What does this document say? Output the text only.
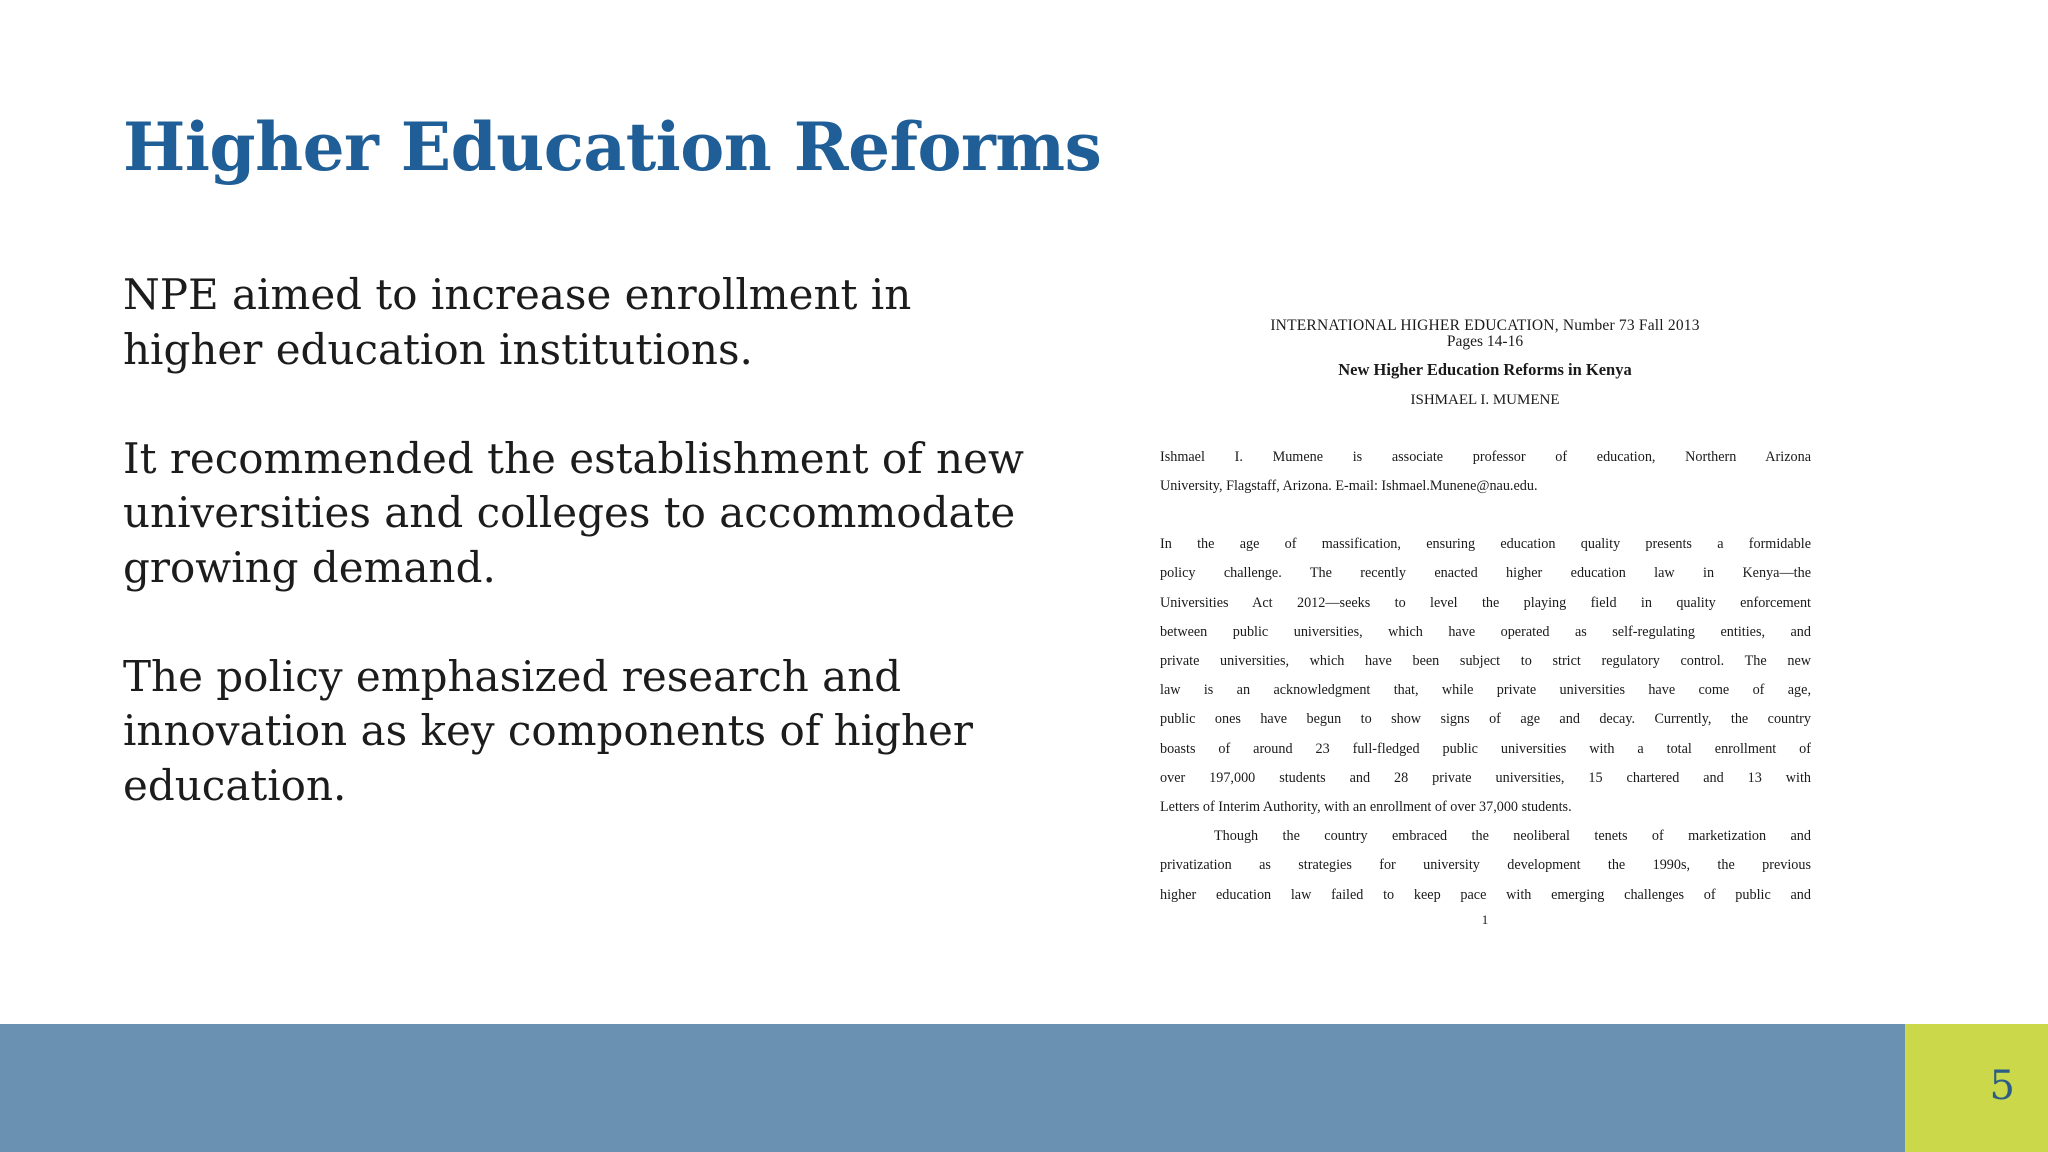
Higher Education Reforms

NPE aimed to increase enrollment in higher education institutions.

It recommended the establishment of new universities and colleges to accommodate growing demand.

The policy emphasized research and innovation as key components of higher education.

INTERNATIONAL HIGHER EDUCATION, Number 73 Fall 2013
Pages 14-16
New Higher Education Reforms in Kenya
ISHMAEL I. MUMENE
Ishmael I. Mumene is associate professor of education, Northern Arizona
University, Flagstaff, Arizona. E-mail: Ishmael.Munene@nau.edu.
In the age of massification, ensuring education quality presents a formidable
policy challenge. The recently enacted higher education law in Kenya—the
Universities Act 2012—seeks to level the playing field in quality enforcement
between public universities, which have operated as self-regulating entities, and
private universities, which have been subject to strict regulatory control. The new
law is an acknowledgment that, while private universities have come of age,
public ones have begun to show signs of age and decay. Currently, the country
boasts of around 23 full-fledged public universities with a total enrollment of
over 197,000 students and 28 private universities, 15 chartered and 13 with
Letters of Interim Authority, with an enrollment of over 37,000 students.
Though the country embraced the neoliberal tenets of marketization and
privatization as strategies for university development the 1990s, the previous
higher education law failed to keep pace with emerging challenges of public and
1
5
